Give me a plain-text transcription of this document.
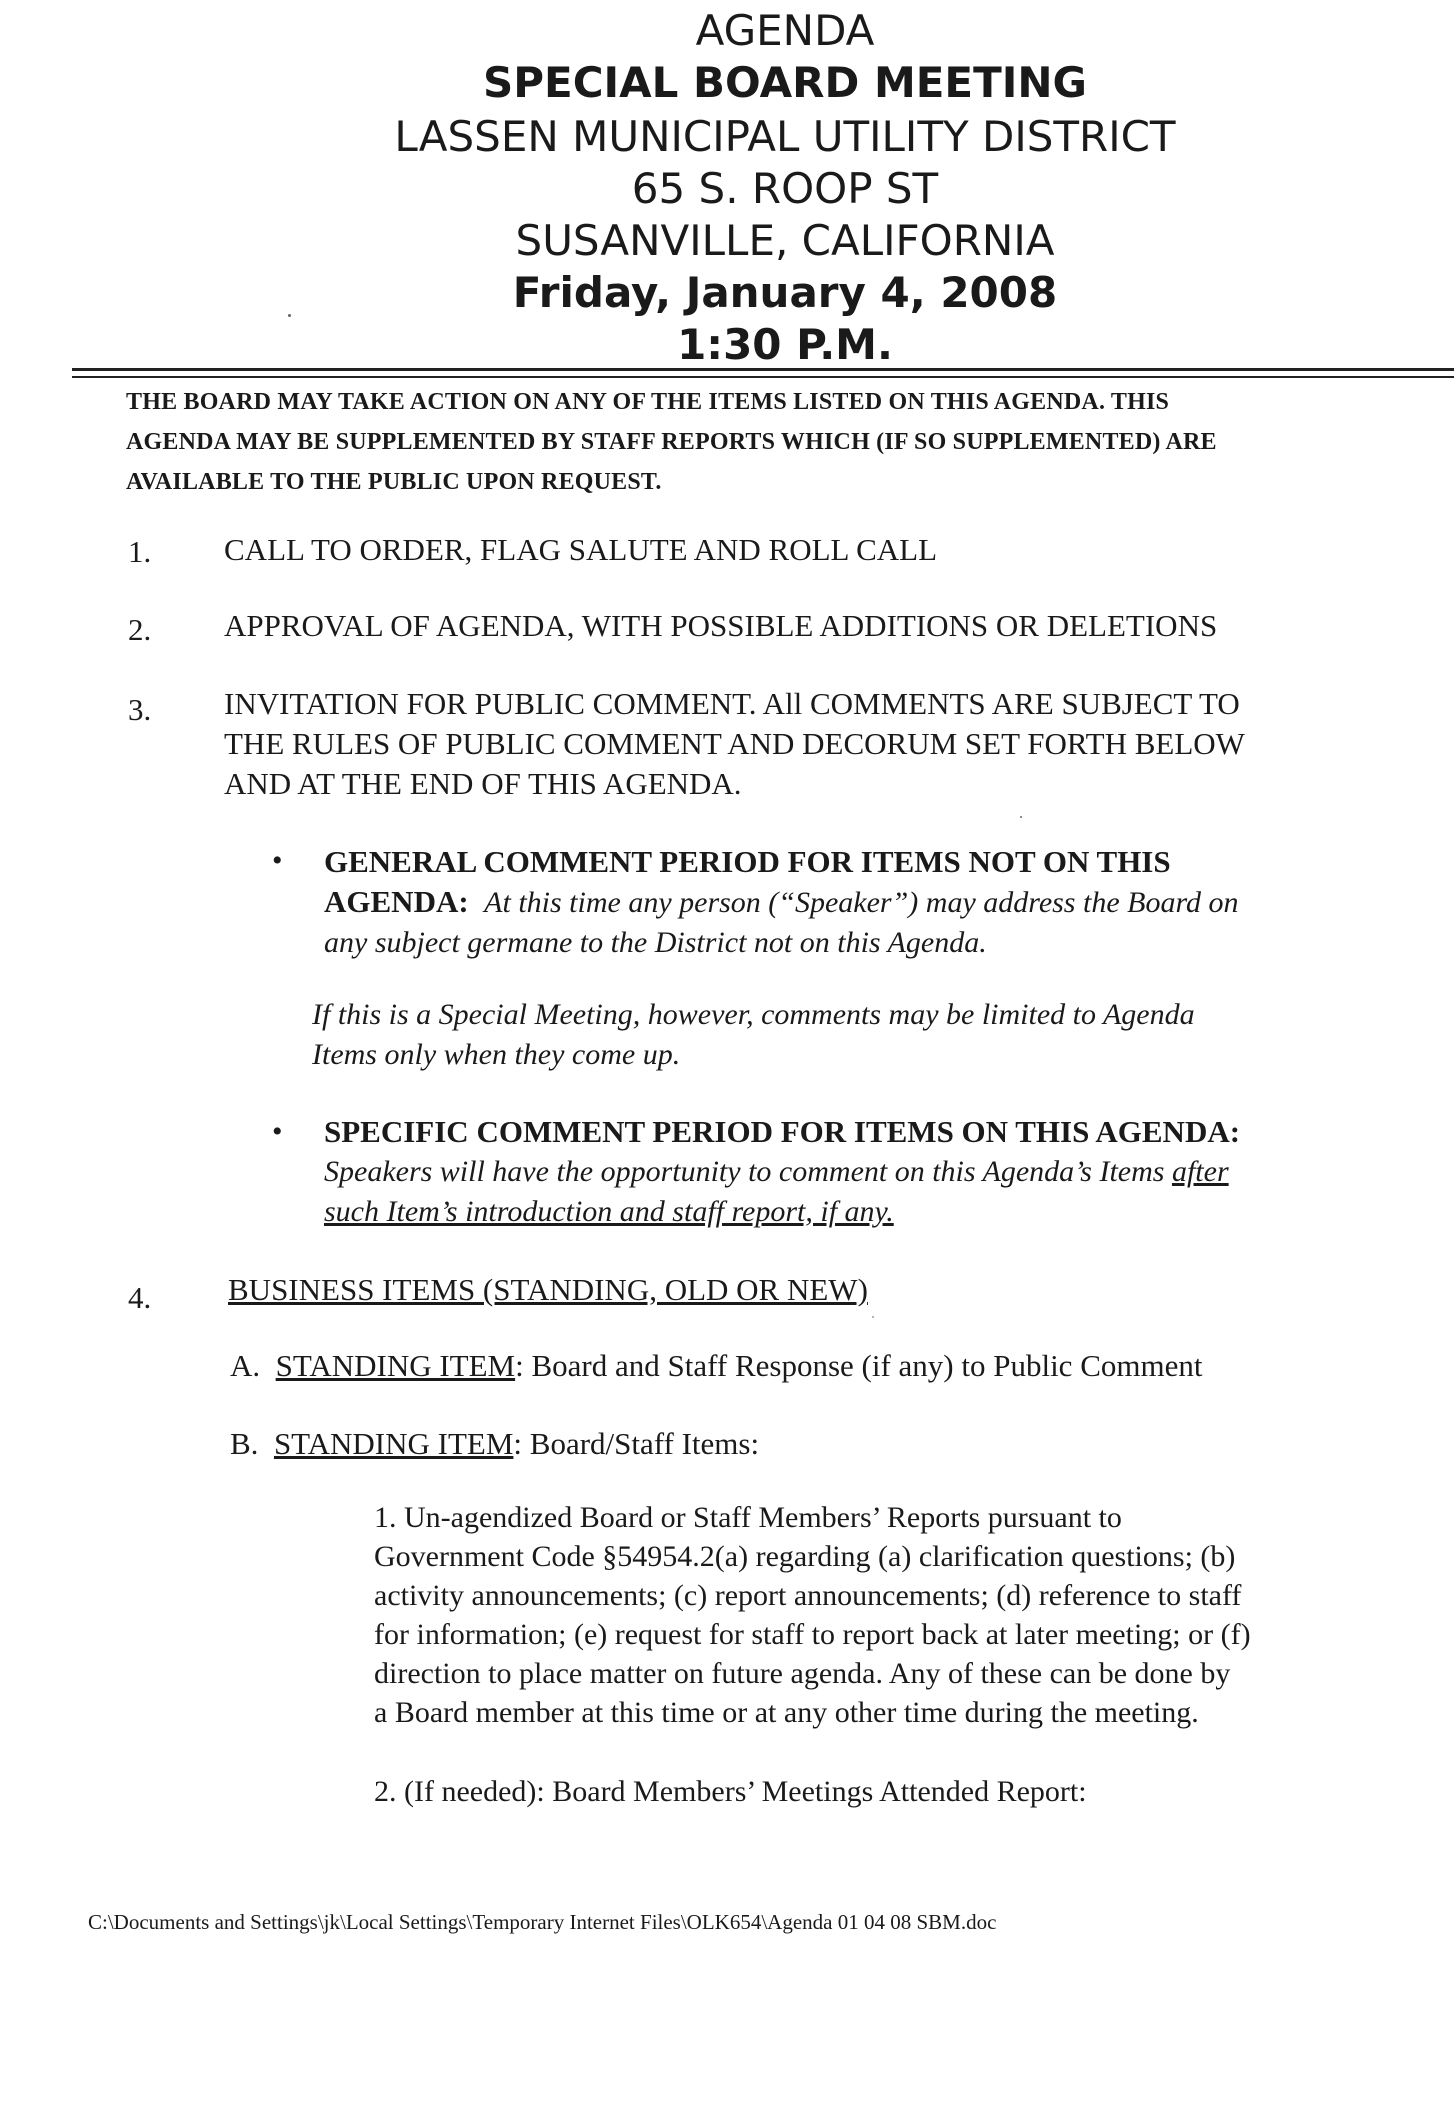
AGENDA
SPECIAL BOARD MEETING
LASSEN MUNICIPAL UTILITY DISTRICT
65 S. ROOP ST
SUSANVILLE, CALIFORNIA
Friday, January 4, 2008
1:30 P.M.
THE BOARD MAY TAKE ACTION ON ANY OF THE ITEMS LISTED ON THIS AGENDA. THIS
AGENDA MAY BE SUPPLEMENTED BY STAFF REPORTS WHICH (IF SO SUPPLEMENTED) ARE
AVAILABLE TO THE PUBLIC UPON REQUEST.
1. CALL TO ORDER, FLAG SALUTE AND ROLL CALL
2. APPROVAL OF AGENDA, WITH POSSIBLE ADDITIONS OR DELETIONS
3. INVITATION FOR PUBLIC COMMENT. All COMMENTS ARE SUBJECT TO
THE RULES OF PUBLIC COMMENT AND DECORUM SET FORTH BELOW
AND AT THE END OF THIS AGENDA.
• GENERAL COMMENT PERIOD FOR ITEMS NOT ON THIS
AGENDA: At this time any person (“Speaker”) may address the Board on
any subject germane to the District not on this Agenda.
If this is a Special Meeting, however, comments may be limited to Agenda
Items only when they come up.
• SPECIFIC COMMENT PERIOD FOR ITEMS ON THIS AGENDA:
Speakers will have the opportunity to comment on this Agenda’s Items after
such Item’s introduction and staff report, if any.
4. BUSINESS ITEMS (STANDING, OLD OR NEW)
A. STANDING ITEM: Board and Staff Response (if any) to Public Comment
B. STANDING ITEM: Board/Staff Items:
1. Un-agendized Board or Staff Members’ Reports pursuant to
Government Code §54954.2(a) regarding (a) clarification questions; (b)
activity announcements; (c) report announcements; (d) reference to staff
for information; (e) request for staff to report back at later meeting; or (f)
direction to place matter on future agenda. Any of these can be done by
a Board member at this time or at any other time during the meeting.
2. (If needed): Board Members’ Meetings Attended Report:
C:\Documents and Settings\jk\Local Settings\Temporary Internet Files\OLK654\Agenda 01 04 08 SBM.doc
